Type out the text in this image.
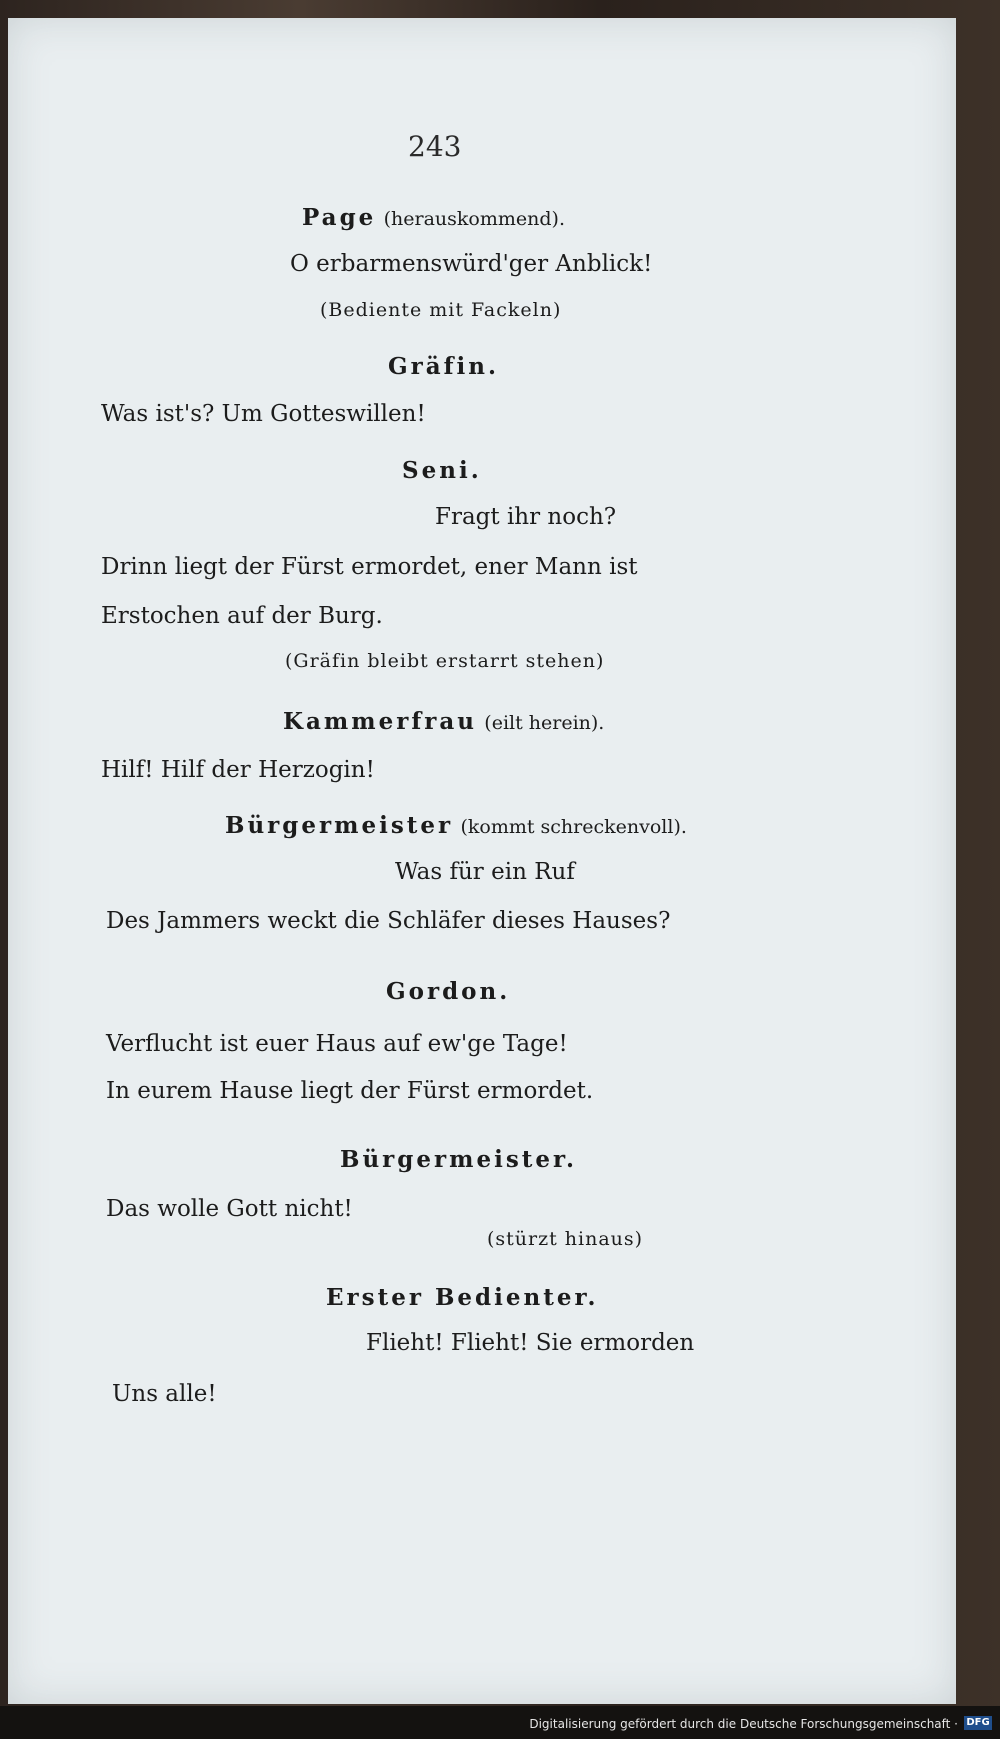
243
Page (herauskommend).
O erbarmenswürd'ger Anblick!
(Bediente mit Fackeln)
Gräfin.
Was ist's? Um Gotteswillen!
Seni.
Fragt ihr noch?
Drinn liegt der Fürst ermordet, ener Mann ist
Erstochen auf der Burg.
(Gräfin bleibt erstarrt stehen)
Kammerfrau (eilt herein).
Hilf! Hilf der Herzogin!
Bürgermeister (kommt schreckenvoll).
Was für ein Ruf
Des Jammers weckt die Schläfer dieses Hauses?
Gordon.
Verflucht ist euer Haus auf ew'ge Tage!
In eurem Hause liegt der Fürst ermordet.
Bürgermeister.
Das wolle Gott nicht!
(stürzt hinaus)
Erster Bedienter.
Flieht! Flieht! Sie ermorden
Uns alle!
Digitalisierung gefördert durch die Deutsche Forschungsgemeinschaft · DFG
